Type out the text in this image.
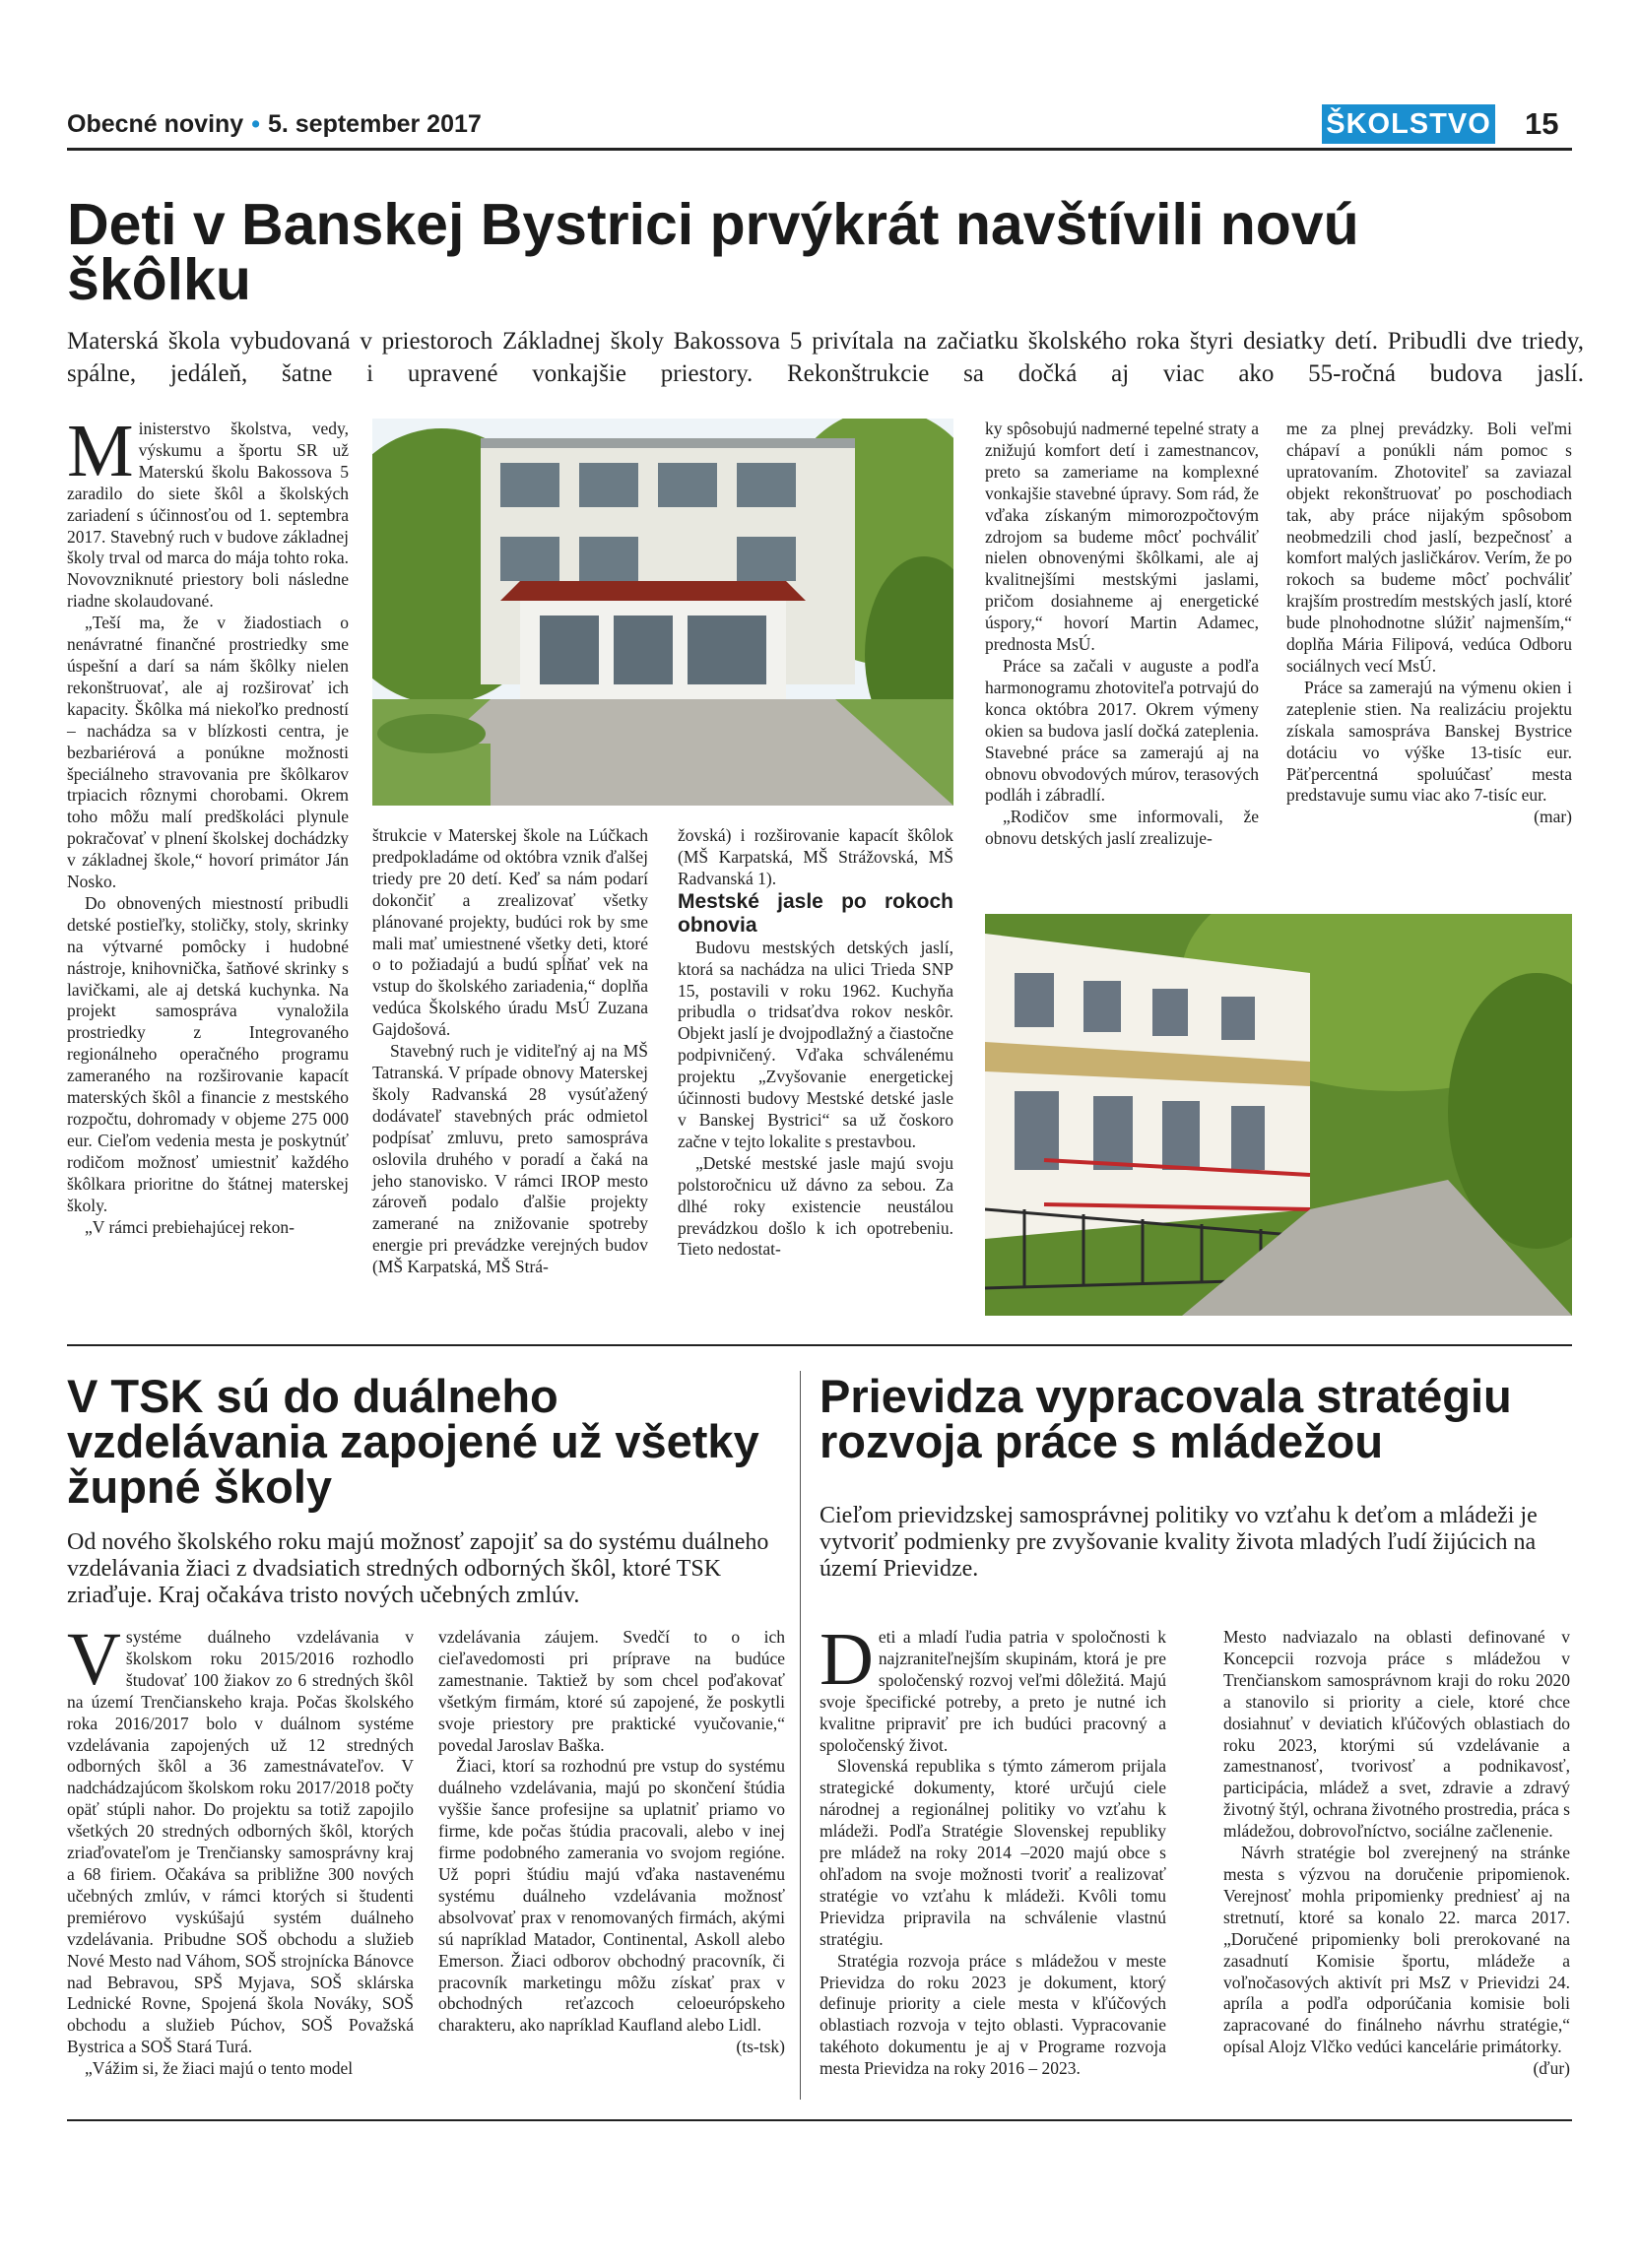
Obecné noviny • 5. september 2017	ŠKOLSTVO 15
Deti v Banskej Bystrici prvýkrát navštívili novú škôlku
Materská škola vybudovaná v priestoroch Základnej školy Bakossova 5 privítala na začiatku školského roka štyri desiatky detí. Pribudli dve triedy, spálne, jedáleň, šatne i upravené vonkajšie priestory. Rekonštrukcie sa dočká aj viac ako 55-ročná budova jaslí.

Ministerstvo školstva, vedy, výskumu a športu SR už Materskú školu Bakossova 5 zaradilo do siete škôl a školských zariadení s účinnosťou od 1. septembra 2017. Stavebný ruch v budove základnej školy trval od marca do mája tohto roka. Novovzniknuté priestory boli následne riadne skolaudované.

„Teší ma, že v žiadostiach o nenávratné finančné prostriedky sme úspešní a darí sa nám škôlky nielen rekonštruovať, ale aj rozširovať ich kapacity. Škôlka má niekoľko predností – nachádza sa v blízkosti centra, je bezbariérová a ponúkne možnosti špeciálneho stravovania pre škôlkarov trpiacich rôznymi chorobami. Okrem toho môžu malí predškoláci plynule pokračovať v plnení školskej dochádzky v základnej škole,“ hovorí primátor Ján Nosko.

Do obnovených miestností pribudli detské postieľky, stoličky, stoly, skrinky na výtvarné pomôcky i hudobné nástroje, knihovnička, šatňové skrinky s lavičkami, ale aj detská kuchynka. Na projekt samospráva vynaložila prostriedky z Integrovaného regionálneho operačného programu zameraného na rozširovanie kapacít materských škôl a financie z mestského rozpočtu, dohromady v objeme 275 000 eur. Cieľom vedenia mesta je poskytnúť rodičom možnosť umiestniť každého škôlkara prioritne do štátnej materskej školy.

„V rámci prebiehajúcej rekon-

štrukcie v Materskej škole na Lúčkach predpokladáme od októbra vznik ďalšej triedy pre 20 detí. Keď sa nám podarí dokončiť a zrealizovať všetky plánované projekty, budúci rok by sme mali mať umiestnené všetky deti, ktoré o to požiadajú a budú spĺňať vek na vstup do školského zariadenia,“ doplňa vedúca Školského úradu MsÚ Zuzana Gajdošová.

Stavebný ruch je viditeľný aj na MŠ Tatranská. V prípade obnovy Materskej školy Radvanská 28 vysúťažený dodávateľ stavebných prác odmietol podpísať zmluvu, preto samospráva oslovila druhého v poradí a čaká na jeho stanovisko. V rámci IROP mesto zároveň podalo ďalšie projekty zamerané na znižovanie spotreby energie pri prevádzke verejných budov (MŠ Karpatská, MŠ Strá-

žovská) i rozširovanie kapacít škôlok (MŠ Karpatská, MŠ Strážovská, MŠ Radvanská 1).

Mestské jasle po rokoch obnovia

Budovu mestských detských jaslí, ktorá sa nachádza na ulici Trieda SNP 15, postavili v roku 1962. Kuchyňa pribudla o tridsaťdva rokov neskôr. Objekt jaslí je dvojpodlažný a čiastočne podpivničený. Vďaka schválenému projektu „Zvyšovanie energetickej účinnosti budovy Mestské detské jasle v Banskej Bystrici“ sa už čoskoro začne v tejto lokalite s prestavbou.

„Detské mestské jasle majú svoju polstoročnicu už dávno za sebou. Za dlhé roky existencie neustálou prevádzkou došlo k ich opotrebeniu. Tieto nedostat-

ky spôsobujú nadmerné tepelné straty a znižujú komfort detí i zamestnancov, preto sa zameriame na komplexné vonkajšie stavebné úpravy. Som rád, že vďaka získaným mimorozpočtovým zdrojom sa budeme môcť pochváliť nielen obnovenými škôlkami, ale aj kvalitnejšími mestskými jaslami, pričom dosiahneme aj energetické úspory,“ hovorí Martin Adamec, prednosta MsÚ.

Práce sa začali v auguste a podľa harmonogramu zhotoviteľa potrvajú do konca októbra 2017. Okrem výmeny okien sa budova jaslí dočká zateplenia. Stavebné práce sa zamerajú aj na obnovu obvodových múrov, terasových podláh i zábradlí.

„Rodičov sme informovali, že obnovu detských jaslí zrealizuje-

me za plnej prevádzky. Boli veľmi chápaví a ponúkli nám pomoc s upratovaním. Zhotoviteľ sa zaviazal objekt rekonštruovať po poschodiach tak, aby práce nijakým spôsobom neobmedzili chod jaslí, bezpečnosť a komfort malých jasličkárov. Verím, že po rokoch sa budeme môcť pochváliť krajším prostredím mestských jaslí, ktoré bude plnohodnotne slúžiť najmenším,“ doplňa Mária Filipová, vedúca Odboru sociálnych vecí MsÚ.

Práce sa zamerajú na výmenu okien i zateplenie stien. Na realizáciu projektu získala samospráva Banskej Bystrice dotáciu vo výške 13-tisíc eur. Päťpercentná spoluúčasť mesta predstavuje sumu viac ako 7-tisíc eur.

(mar)

V TSK sú do duálneho vzdelávania zapojené už všetky župné školy
Od nového školského roku majú možnosť zapojiť sa do systému duálneho vzdelávania žiaci z dvadsiatich stredných odborných škôl, ktoré TSK zriaďuje. Kraj očakáva tristo nových učebných zmlúv.

Vsystéme duálneho vzdelávania v školskom roku 2015/2016 rozhodlo študovať 100 žiakov zo 6 stredných škôl na území Trenčianskeho kraja. Počas školského roka 2016/2017 bolo v duálnom systéme vzdelávania zapojených už 12 stredných odborných škôl a 36 zamestnávateľov. V nadchádzajúcom školskom roku 2017/2018 počty opäť stúpli nahor. Do projektu sa totiž zapojilo všetkých 20 stredných odborných škôl, ktorých zriaďovateľom je Trenčiansky samosprávny kraj a 68 firiem. Očakáva sa približne 300 nových učebných zmlúv, v rámci ktorých si študenti premiérovo vyskúšajú systém duálneho vzdelávania. Pribudne SOŠ obchodu a služieb Nové Mesto nad Váhom, SOŠ strojnícka Bánovce nad Bebravou, SPŠ Myjava, SOŠ sklárska Lednické Rovne, Spojená škola Nováky, SOŠ obchodu a služieb Púchov, SOŠ Považská Bystrica a SOŠ Stará Turá.

„Vážim si, že žiaci majú o tento model

vzdelávania záujem. Svedčí to o ich cieľavedomosti pri príprave na budúce zamestnanie. Taktiež by som chcel poďakovať všetkým firmám, ktoré sú zapojené, že poskytli svoje priestory pre praktické vyučovanie,“ povedal Jaroslav Baška.

Žiaci, ktorí sa rozhodnú pre vstup do systému duálneho vzdelávania, majú po skončení štúdia vyššie šance profesijne sa uplatniť priamo vo firme, kde počas štúdia pracovali, alebo v inej firme podobného zamerania vo svojom regióne. Už popri štúdiu majú vďaka nastavenému systému duálneho vzdelávania možnosť absolvovať prax v renomovaných firmách, akými sú napríklad Matador, Continental, Askoll alebo Emerson. Žiaci odborov obchodný pracovník, či pracovník marketingu môžu získať prax v obchodných reťazcoch celoeurópskeho charakteru, ako napríklad Kaufland alebo Lidl.

(ts-tsk)

Prievidza vypracovala stratégiu rozvoja práce s mládežou
Cieľom prievidzskej samosprávnej politiky vo vzťahu k deťom a mládeži je vytvoriť podmienky pre zvyšovanie kvality života mladých ľudí žijúcich na území Prievidze.

Deti a mladí ľudia patria v spoločnosti k najzraniteľnejším skupinám, ktorá je pre spoločenský rozvoj veľmi dôležitá. Majú svoje špecifické potreby, a preto je nutné ich kvalitne pripraviť pre ich budúci pracovný a spoločenský život.

Slovenská republika s týmto zámerom prijala strategické dokumenty, ktoré určujú ciele národnej a regionálnej politiky vo vzťahu k mládeži. Podľa Stratégie Slovenskej republiky pre mládež na roky 2014 –2020 majú obce s ohľadom na svoje možnosti tvoriť a realizovať stratégie vo vzťahu k mládeži. Kvôli tomu Prievidza pripravila na schválenie vlastnú stratégiu.

Stratégia rozvoja práce s mládežou v meste Prievidza do roku 2023 je dokument, ktorý definuje priority a ciele mesta v kľúčových oblastiach rozvoja v tejto oblasti. Vypracovanie takéhoto dokumentu je aj v Programe rozvoja mesta Prievidza na roky 2016 – 2023.

Mesto nadviazalo na oblasti definované v Koncepcii rozvoja práce s mládežou v Trenčianskom samosprávnom kraji do roku 2020 a stanovilo si priority a ciele, ktoré chce dosiahnuť v deviatich kľúčových oblastiach do roku 2023, ktorými sú vzdelávanie a zamestnanosť, tvorivosť a podnikavosť, participácia, mládež a svet, zdravie a zdravý životný štýl, ochrana životného prostredia, práca s mládežou, dobrovoľníctvo, sociálne začlenenie.

Návrh stratégie bol zverejnený na stránke mesta s výzvou na doručenie pripomienok. Verejnosť mohla pripomienky predniesť aj na stretnutí, ktoré sa konalo 22. marca 2017. „Doručené pripomienky boli prerokované na zasadnutí Komisie športu, mládeže a voľnočasových aktivít pri MsZ v Prievidzi 24. apríla a podľa odporúčania komisie boli zapracované do finálneho návrhu stratégie,“ opísal Alojz Vlčko vedúci kancelárie primátorky.

(ďur)
